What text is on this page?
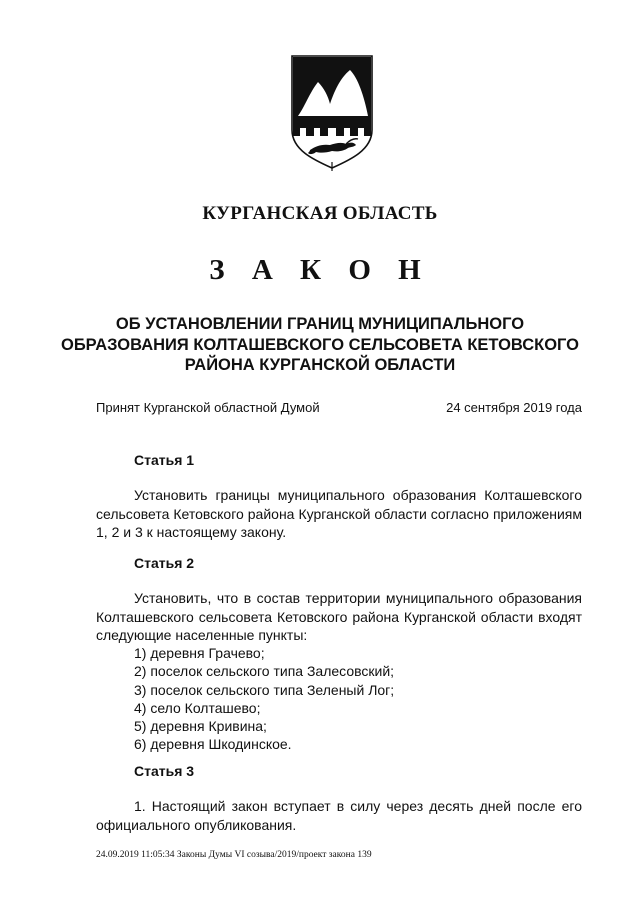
КУРГАНСКАЯ ОБЛАСТЬ
З А К О Н
ОБ УСТАНОВЛЕНИИ ГРАНИЦ МУНИЦИПАЛЬНОГО ОБРАЗОВАНИЯ КОЛТАШЕВСКОГО СЕЛЬСОВЕТА КЕТОВСКОГО РАЙОНА КУРГАНСКОЙ ОБЛАСТИ
Принят Курганской областной Думой	24 сентября 2019 года
Статья 1
Установить границы муниципального образования Колташевского сельсовета Кетовского района Курганской области согласно приложениям 1, 2 и 3 к настоящему закону.
Статья 2
Установить, что в состав территории муниципального образования Колташевского сельсовета Кетовского района Курганской области входят следующие населенные пункты:
1) деревня Грачево;
2) поселок сельского типа Залесовский;
3) поселок сельского типа Зеленый Лог;
4) село Колташево;
5) деревня Кривина;
6) деревня Шкодинское.
Статья 3
1. Настоящий закон вступает в силу через десять дней после его официального опубликования.
24.09.2019 11:05:34 Законы Думы VI созыва/2019/проект закона 139
